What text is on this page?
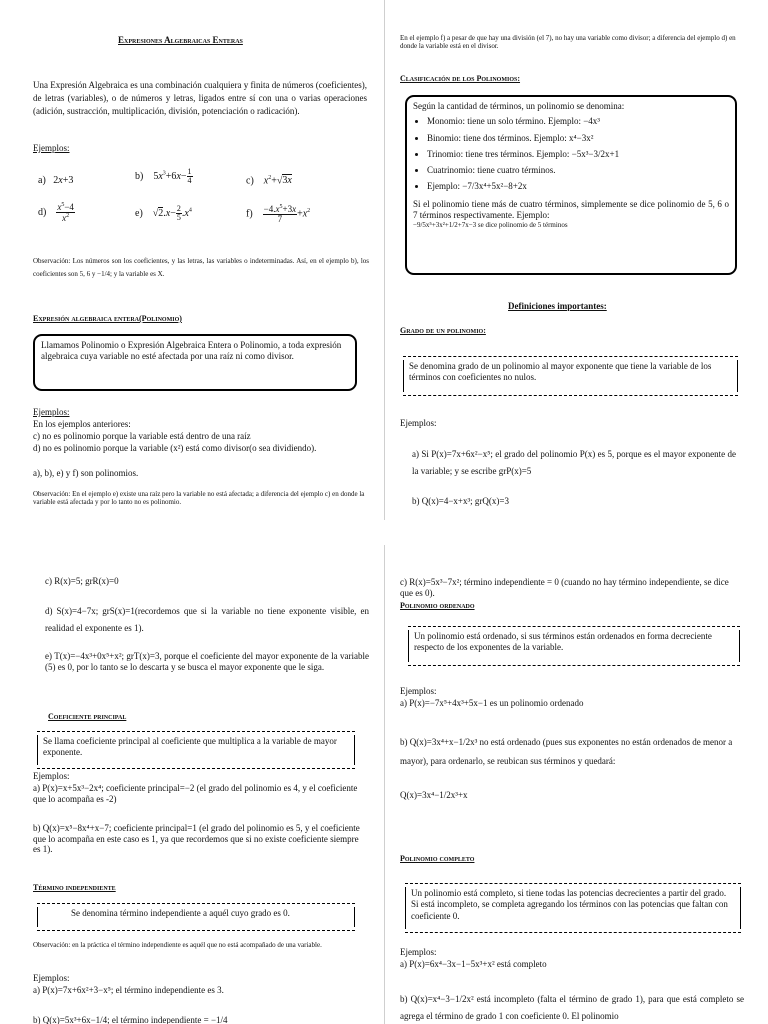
Expresiones Algebraicas Enteras
Una Expresión Algebraica es una combinación cualquiera y finita de números (coeficientes), de letras (variables), o de números y letras, ligados entre sí con una o varias operaciones (adición, sustracción, multiplicación, división, potenciación o radicación).
Ejemplos:
a)   2x+3	b)    $5x^3+6x- \frac{1}{4}$	c)    $x^2+√3x$
$d) \frac{x^5-4}{x^2}$	e)    $√2.x- \frac{2}{5} .x^4$	$f) \frac{-4.x^5+3x}{7} +x^2$
Observación: Los números son los coeficientes, y las letras, las variables o indeterminadas. Así, en el ejemplo b), los coeficientes son 5, 6 y −1/4; y la variable es X.
Expresión algebraica entera(Polinomio)
Llamamos Polinomio o Expresión Algebraica Entera o Polinomio, a toda expresión algebraica cuya variable no esté afectada por una raíz ni como divisor.
Ejemplos:
En los ejemplos anteriores:
c) no es polinomio porque la variable está dentro de una raíz
d) no es polinomio porque la variable (x²) está como divisor(o sea dividiendo).
a), b), e) y f) son polinomios.
Observación: En el ejemplo e) existe una raíz pero la variable no está afectada; a diferencia del ejemplo c) en donde la variable está afectada y por lo tanto no es polinomio.
En el ejemplo f) a pesar de que hay una división (el 7), no hay una variable como divisor; a diferencia del ejemplo d) en donde la variable está en el divisor.
Clasificación de los Polinomios:
Según la cantidad de términos, un polinomio se denomina:
• Monomio: tiene un solo término. Ejemplo: −4x³
• Binomio: tiene dos términos. Ejemplo: x⁴−3x²
• Trinomio: tiene tres términos. Ejemplo: −5x³−3/2x+1
• Cuatrinomio: tiene cuatro términos.
• Ejemplo: −7/3x⁴+5x²−8+2x
Si el polinomio tiene más de cuatro términos, simplemente se dice polinomio de 5, 6 o 7 términos respectivamente. Ejemplo:
−9/5x⁵+3x²+1/2+7x−3 se dice polinomio de 5 términos
Definiciones importantes:
Grado de un polinomio:
Se denomina grado de un polinomio al mayor exponente que tiene la variable de los términos con coeficientes no nulos.
Ejemplos:
a) Si P(x)=7x+6x²−x⁵; el grado del polinomio P(x) es 5, porque es el mayor exponente de la variable; y se escribe grP(x)=5
b) Q(x)=4−x+x³; grQ(x)=3
c) R(x)=5; grR(x)=0
d) S(x)=4−7x; grS(x)=1(recordemos que si la variable no tiene exponente visible, en realidad el exponente es 1).
e) T(x)=−4x³+0x⁵+x²; grT(x)=3, porque el coeficiente del mayor exponente de la variable (5) es 0, por lo tanto se lo descarta y se busca el mayor exponente que le siga.
Coeficiente principal
Se llama coeficiente principal al coeficiente que multiplica a la variable de mayor exponente.
Ejemplos:
a) P(x)=x+5x³−2x⁴; coeficiente principal=−2 (el grado del polinomio es 4, y el coeficiente que lo acompaña es -2)
b) Q(x)=x⁵−8x⁴+x−7; coeficiente principal=1 (el grado del polinomio es 5, y el coeficiente que lo acompaña en este caso es 1, ya que recordemos que si no existe coeficiente siempre es 1).
Término independiente
Se denomina término independiente a aquél cuyo grado es 0.
Observación: en la práctica el término independiente es aquél que no está acompañado de una variable.
Ejemplos:
a) P(x)=7x+6x²+3−x⁵; el término independiente es 3.
b) Q(x)=5x³+6x−1/4; el término independiente = −1/4
c) R(x)=5x³−7x²; término independiente = 0 (cuando no hay término independiente, se dice que es 0).
Polinomio ordenado
Un polinomio está ordenado, si sus términos están ordenados en forma decreciente respecto de los exponentes de la variable.
Ejemplos:
a) P(x)=−7x⁵+4x³+5x−1 es un polinomio ordenado
b) Q(x)=3x⁴+x−1/2x³ no está ordenado (pues sus exponentes no están ordenados de menor a mayor), para ordenarlo, se reubican sus términos y quedará:
Q(x)=3x⁴−1/2x³+x
Polinomio completo
Un polinomio está completo, si tiene todas las potencias decrecientes a partir del grado. Si está incompleto, se completa agregando los términos con las potencias que faltan con coeficiente 0.
Ejemplos:
a) P(x)=6x⁴−3x−1−5x³+x² está completo
b) Q(x)=x⁴−3−1/2x² está incompleto (falta el término de grado 1), para que está completo se agrega el término de grado 1 con coeficiente 0. El polinomio
